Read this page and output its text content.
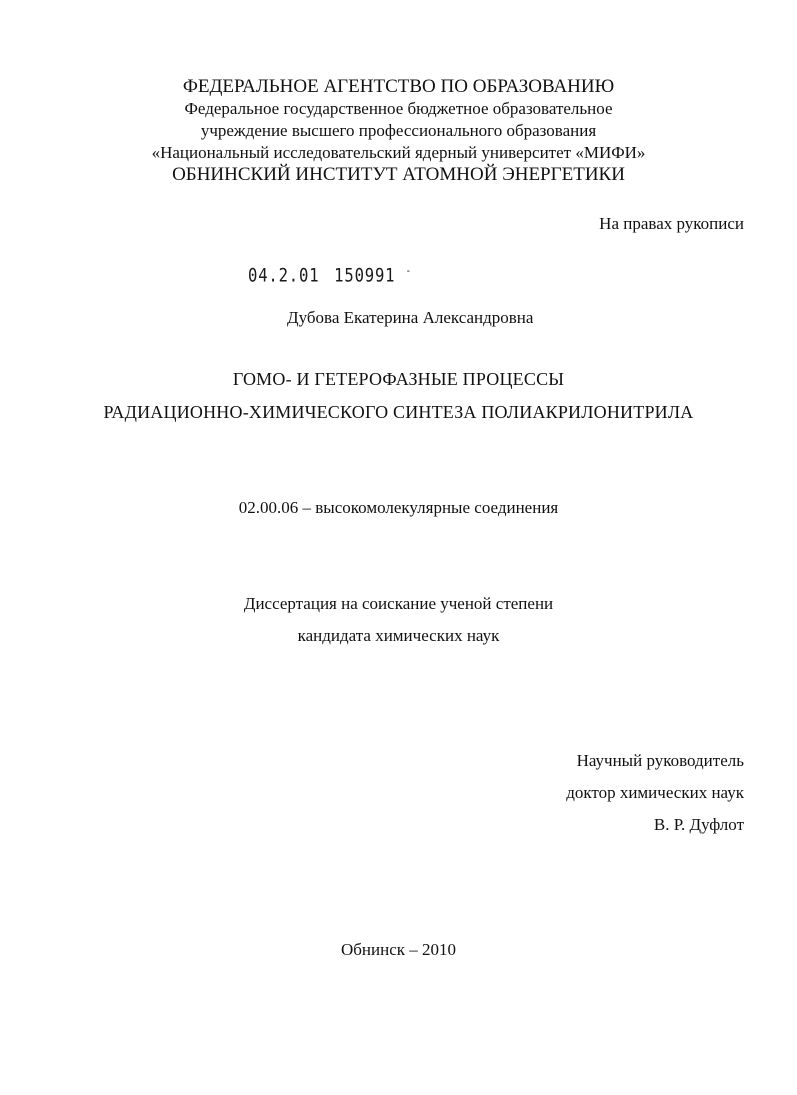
ФЕДЕРАЛЬНОЕ АГЕНТСТВО ПО ОБРАЗОВАНИЮ
Федеральное государственное бюджетное образовательное
учреждение высшего профессионального образования
«Национальный исследовательский ядерный университет «МИФИ»
ОБНИНСКИЙ ИНСТИТУТ АТОМНОЙ ЭНЕРГЕТИКИ
На правах рукописи
04.2.01 150991 -
Дубова Екатерина Александровна
ГОМО- И ГЕТЕРОФАЗНЫЕ ПРОЦЕССЫ
РАДИАЦИОННО-ХИМИЧЕСКОГО СИНТЕЗА ПОЛИАКРИЛОНИТРИЛА
02.00.06 – высокомолекулярные соединения
Диссертация на соискание ученой степени
кандидата химических наук
Научный руководитель
доктор химических наук
В. Р. Дуфлот
Обнинск – 2010
